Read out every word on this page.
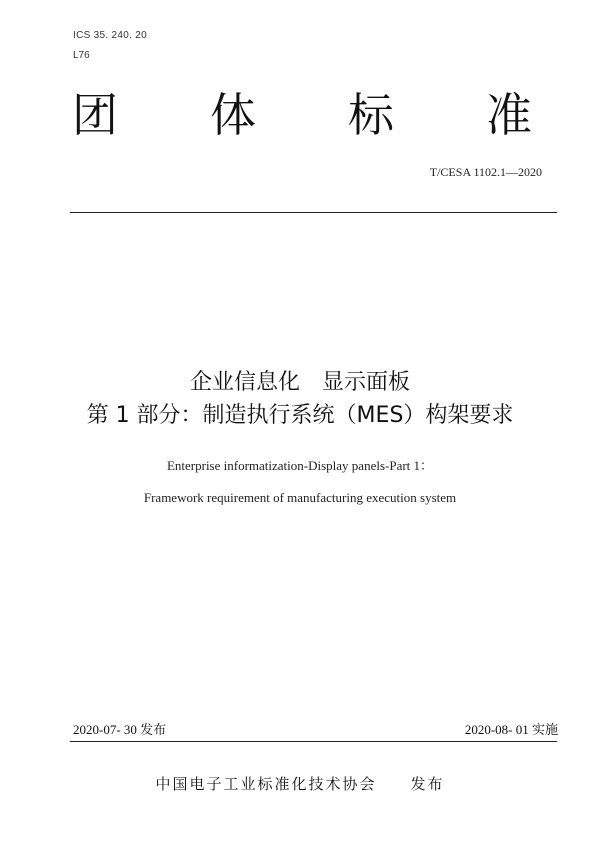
ICS 35. 240. 20
L76
团 体 标 准
T/CESA 1102.1—2020
企业信息化　显示面板
第 1 部分：制造执行系统（MES）构架要求
Enterprise informatization-Display panels-Part 1：
Framework requirement of manufacturing execution system
2020-07- 30 发布	2020-08- 01 实施
中国电子工业标准化技术协会　　发布
